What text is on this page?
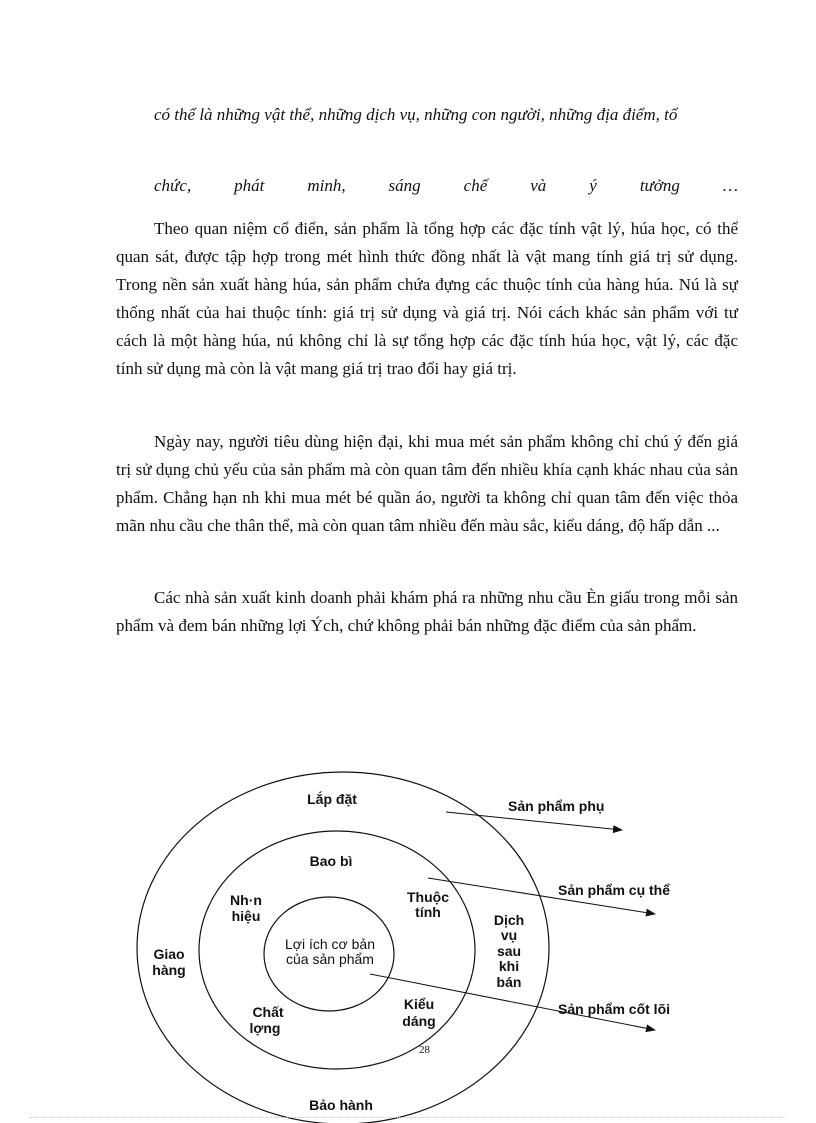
có thể là những vật thể, những dịch vụ, những con người, những địa điểm, tổ

chức, phát minh, sáng chế và ý tưởng …

Theo quan niệm cổ điển, sản phẩm là tổng hợp các đặc tính vật lý, húa học, có thể quan sát, được tập hợp trong mét hình thức đồng nhất là vật mang tính giá trị sử dụng. Trong nền sản xuất hàng húa, sản phẩm chứa đựng các thuộc tính của hàng húa. Nú là sự thống nhất của hai thuộc tính: giá trị sử dụng và giá trị. Nói cách khác sản phẩm với tư cách là một hàng húa, nú không chỉ là sự tổng hợp các đặc tính húa học, vật lý, các đặc tính sử dụng mà còn là vật mang giá trị trao đổi hay giá trị.

Ngày nay, người tiêu dùng hiện đại, khi mua mét sản phẩm không chỉ chú ý đến giá trị sử dụng chủ yếu của sản phẩm mà còn quan tâm đến nhiều khía cạnh khác nhau của sản phẩm. Chẳng hạn nh khi mua mét bé quần áo, người ta không chỉ quan tâm đến việc thỏa mãn nhu cầu che thân thể, mà còn quan tâm nhiều đến màu sắc, kiểu dáng, độ hấp dẫn ...

Các nhà sản xuất kinh doanh phải khám phá ra những nhu cầu Èn giấu trong mỗi sản phẩm và đem bán những lợi Ých, chứ không phải bán những đặc điểm của sản phẩm.

Lắp đặt
Giao
hàng
Bảo hành
Bao bì
Nh·n
hiệu
Thuộc
tính
Chất
lợng
Kiểu
dáng
Dịch
vụ
sau
khi
bán
Lợi ích cơ bản
của sản phẩm
Sản phẩm phụ
Sản phẩm cụ thể
Sản phẩm cốt lõi
28
